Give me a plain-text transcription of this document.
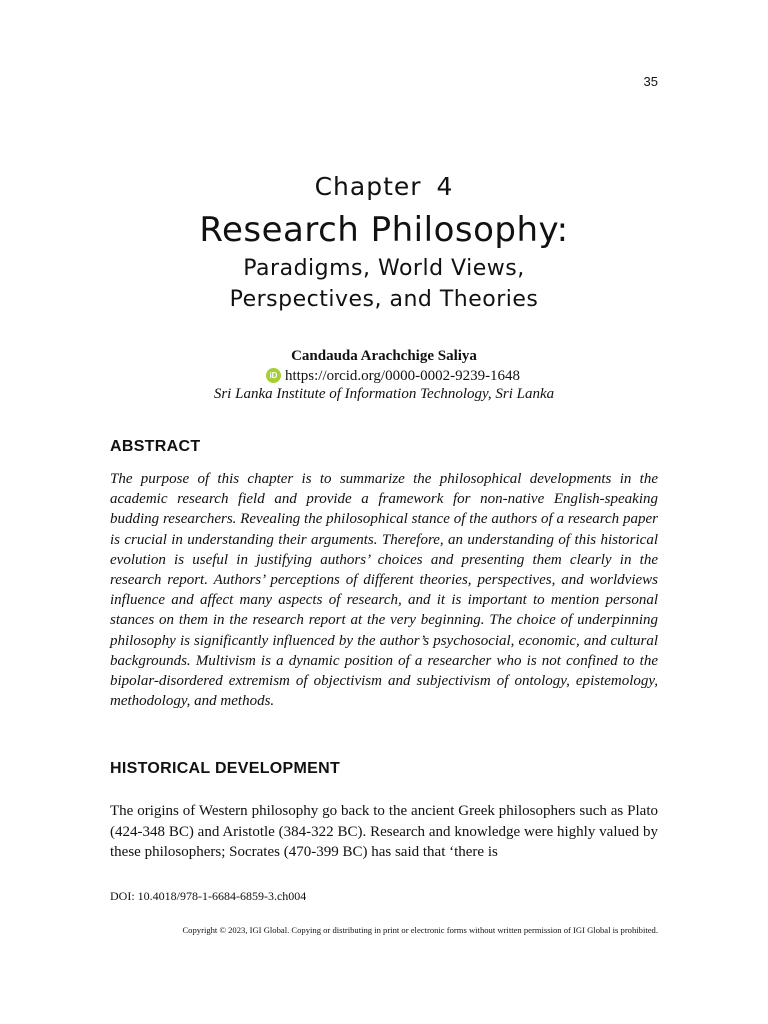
35
Chapter 4
Research Philosophy:
Paradigms, World Views,
Perspectives, and Theories
Candauda Arachchige Saliya
iD https://orcid.org/0000-0002-9239-1648
Sri Lanka Institute of Information Technology, Sri Lanka
ABSTRACT

The purpose of this chapter is to summarize the philosophical developments in the academic research field and provide a framework for non-native English-speaking budding researchers. Revealing the philosophical stance of the authors of a research paper is crucial in understanding their arguments. Therefore, an understanding of this historical evolution is useful in justifying authors’ choices and presenting them clearly in the research report. Authors’ perceptions of different theories, perspectives, and worldviews influence and affect many aspects of research, and it is important to mention personal stances on them in the research report at the very beginning. The choice of underpinning philosophy is significantly influenced by the author’s psychosocial, economic, and cultural backgrounds. Multivism is a dynamic position of a researcher who is not confined to the bipolar-disordered extremism of objectivism and subjectivism of ontology, epistemology, methodology, and methods.

HISTORICAL DEVELOPMENT

The origins of Western philosophy go back to the ancient Greek philosophers such as Plato (424-348 BC) and Aristotle (384-322 BC). Research and knowledge were highly valued by these philosophers; Socrates (470-399 BC) has said that ‘there is

DOI: 10.4018/978-1-6684-6859-3.ch004
Copyright © 2023, IGI Global. Copying or distributing in print or electronic forms without written permission of IGI Global is prohibited.
